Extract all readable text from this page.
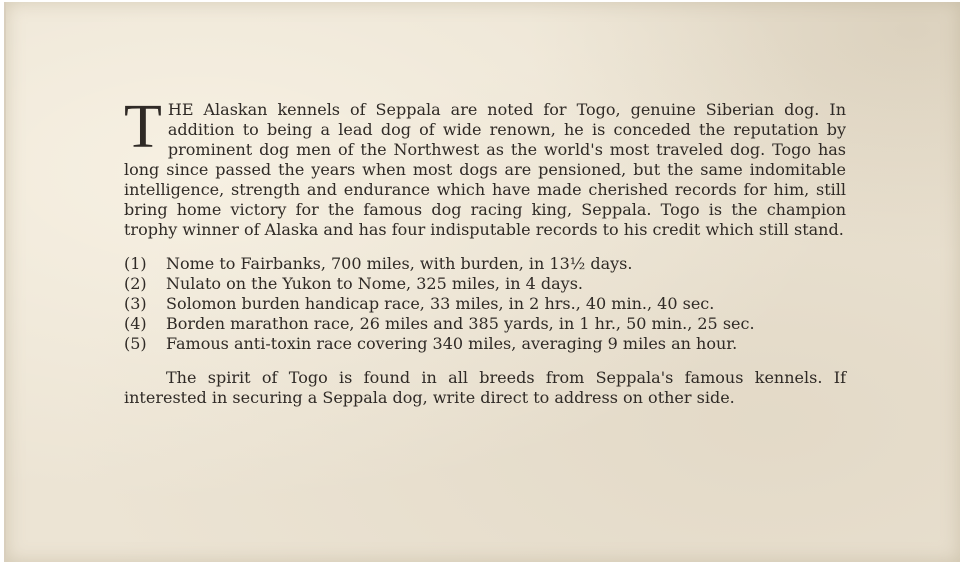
THE Alaskan kennels of Seppala are noted for Togo, genuine Siberian dog. In addition to being a lead dog of wide renown, he is conceded the reputation by prominent dog men of the Northwest as the world's most traveled dog. Togo has long since passed the years when most dogs are pensioned, but the same indomitable intelligence, strength and endurance which have made cherished records for him, still bring home victory for the famous dog racing king, Seppala. Togo is the champion trophy winner of Alaska and has four indisputable records to his credit which still stand.

(1)	Nome to Fairbanks, 700 miles, with burden, in 13½ days.
(2)	Nulato on the Yukon to Nome, 325 miles, in 4 days.
(3)	Solomon burden handicap race, 33 miles, in 2 hrs., 40 min., 40 sec.
(4)	Borden marathon race, 26 miles and 385 yards, in 1 hr., 50 min., 25 sec.
(5)	Famous anti-toxin race covering 340 miles, averaging 9 miles an hour.

The spirit of Togo is found in all breeds from Seppala's famous kennels. If interested in securing a Seppala dog, write direct to address on other side.
